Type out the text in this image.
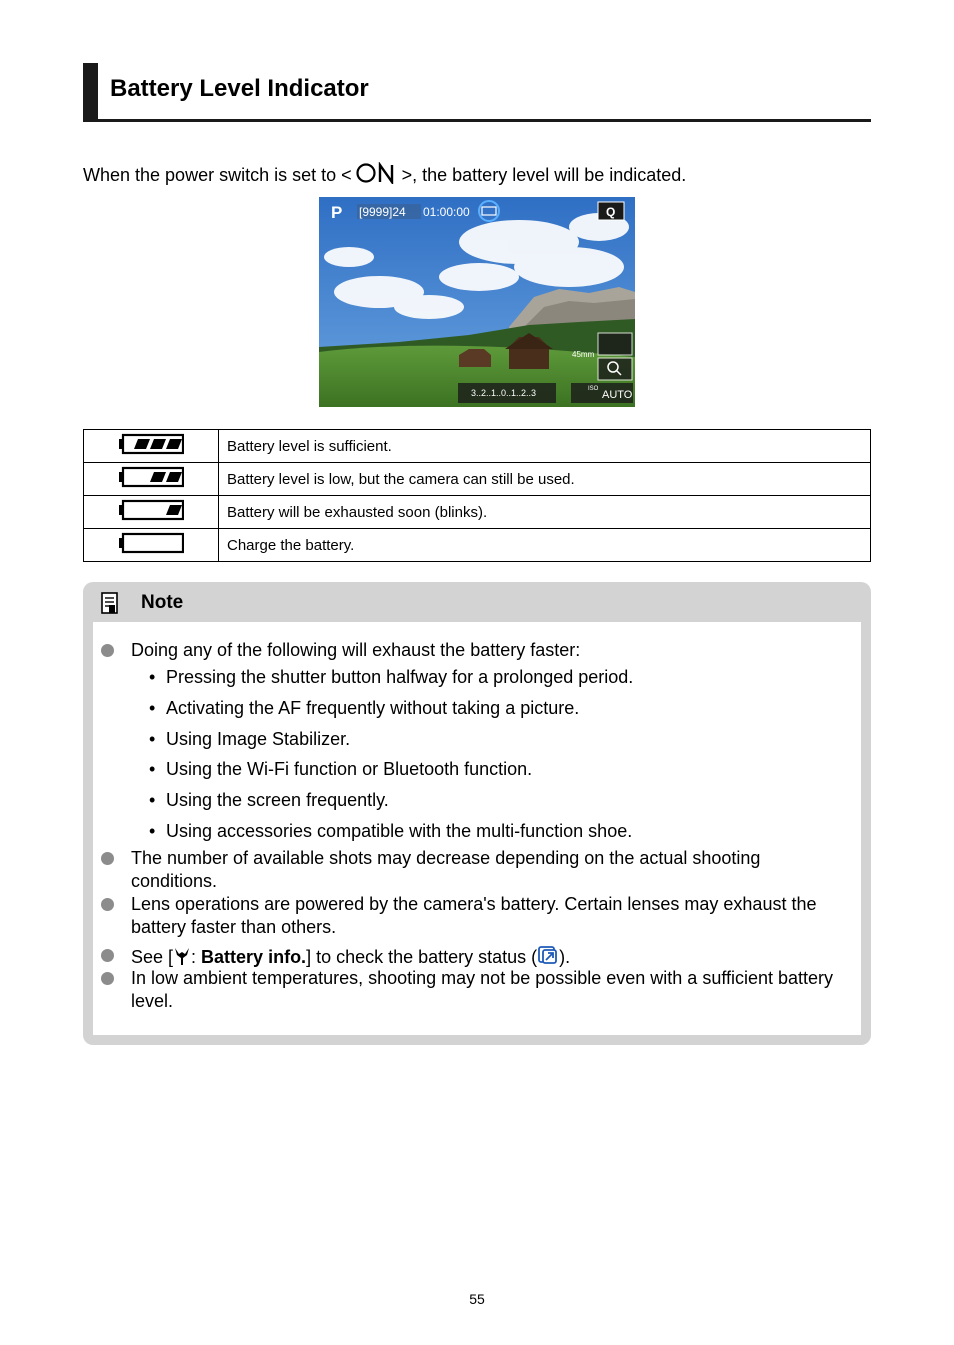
Battery Level Indicator
When the power switch is set to <	>, the battery level will be indicated.
P [9999]24 01:00:00	Q
45mm
3..2..1..0..1..2..3	ISO AUTO
	Battery level is sufficient.
	Battery level is low, but the camera can still be used.
	Battery will be exhausted soon (blinks).
	Charge the battery.
Note
Doing any of the following will exhaust the battery faster:
• Pressing the shutter button halfway for a prolonged period.
• Activating the AF frequently without taking a picture.
• Using Image Stabilizer.
• Using the Wi-Fi function or Bluetooth function.
• Using the screen frequently.
• Using accessories compatible with the multi-function shoe.
The number of available shots may decrease depending on the actual shooting conditions.
Lens operations are powered by the camera's battery. Certain lenses may exhaust the battery faster than others.
See [ : Battery info.] to check the battery status ( ).
In low ambient temperatures, shooting may not be possible even with a sufficient battery level.
55
